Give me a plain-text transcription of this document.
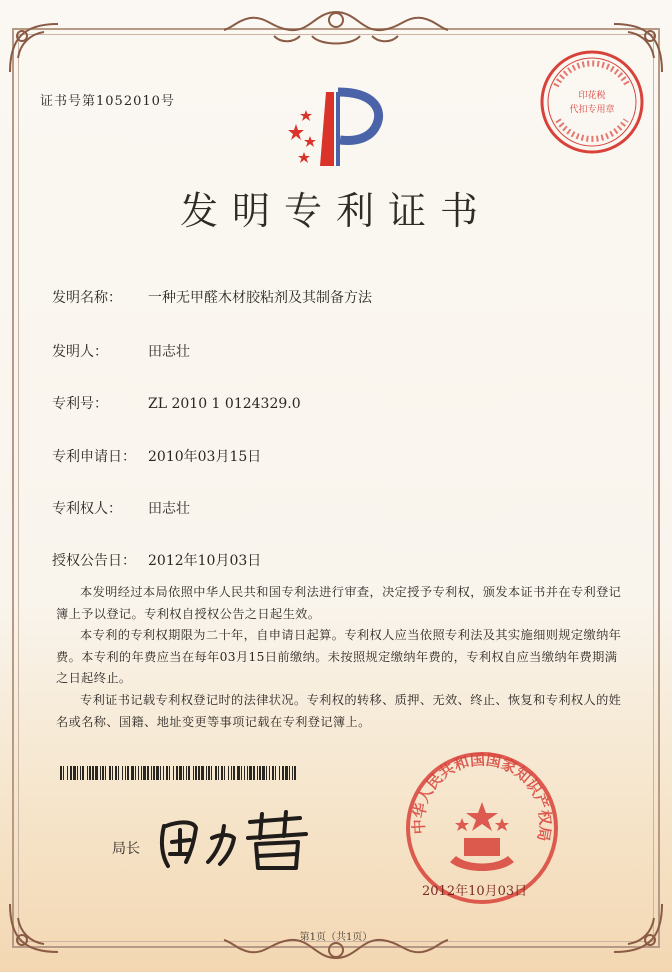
证书号第1052010号
发明专利证书
印花税
代扣专用章
发明名称： 一种无甲醛木材胶粘剂及其制备方法
发明人：	田志壮
专利号：	ZL 2010 1 0124329.0
专利申请日： 2010年03月15日
专利权人： 田志壮
授权公告日： 2012年10月03日

本发明经过本局依照中华人民共和国专利法进行审查，决定授予专利权，颁发本证书并在专利登记簿上予以登记。专利权自授权公告之日起生效。

本专利的专利权期限为二十年，自申请日起算。专利权人应当依照专利法及其实施细则规定缴纳年费。本专利的年费应当在每年03月15日前缴纳。未按照规定缴纳年费的，专利权自应当缴纳年费期满之日起终止。

专利证书记载专利权登记时的法律状况。专利权的转移、质押、无效、终止、恢复和专利权人的姓名或名称、国籍、地址变更等事项记载在专利登记簿上。

局长
中华人民共和国国家知识产权局
2012年10月03日
第1页（共1页）
